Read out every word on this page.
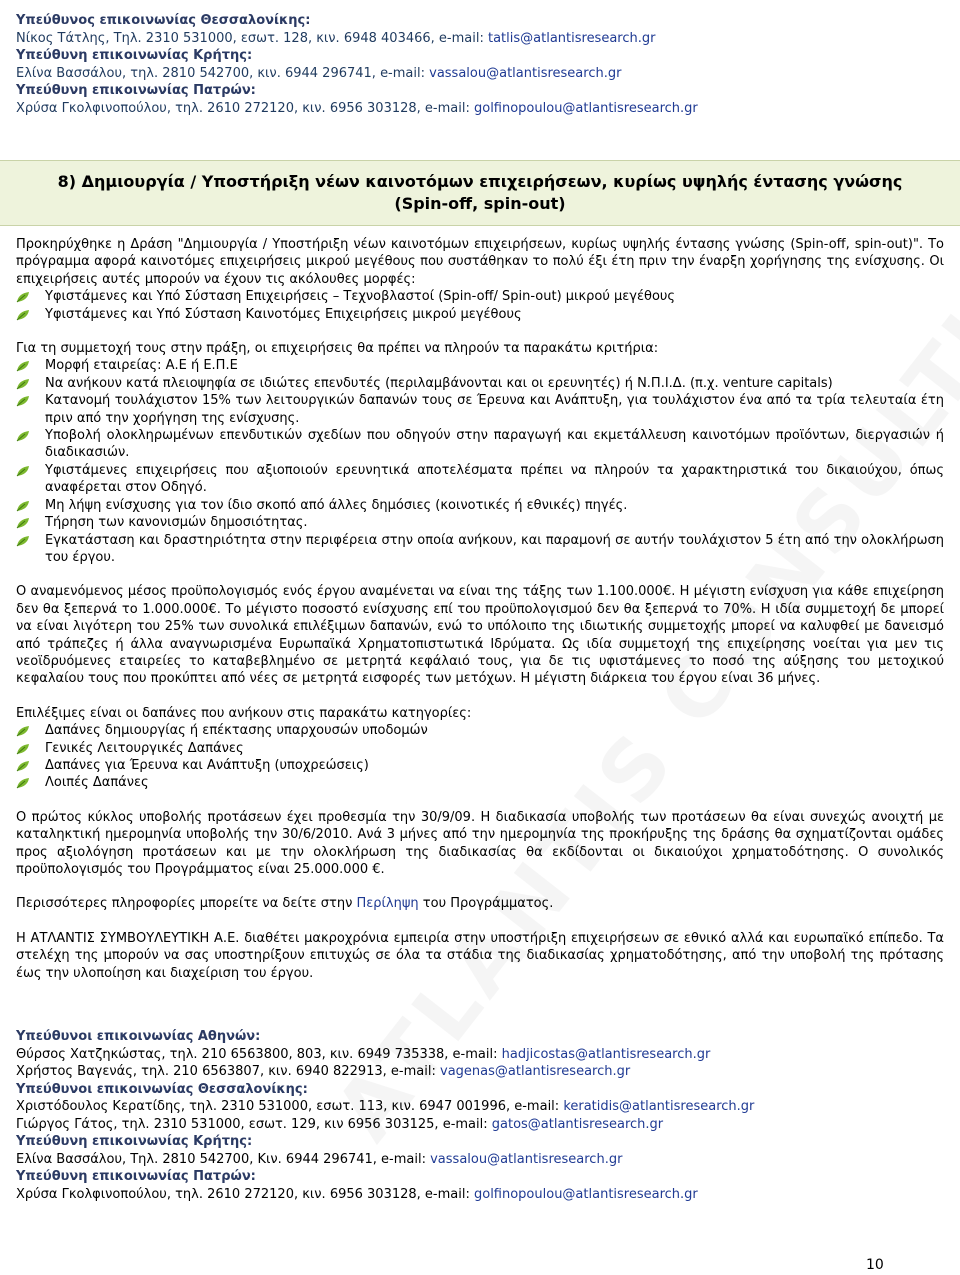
Υπεύθυνος επικοινωνίας Θεσσαλονίκης:
Νίκος Τάτλης, Τηλ. 2310 531000, εσωτ. 128, κιν. 6948 403466, e-mail: tatlis@atlantisresearch.gr
Υπεύθυνη επικοινωνίας Κρήτης:
Ελίνα Βασσάλου, τηλ. 2810 542700, κιν. 6944 296741, e-mail: vassalou@atlantisresearch.gr
Υπεύθυνη επικοινωνίας Πατρών:
Χρύσα Γκολφινοπούλου, τηλ. 2610 272120, κιν. 6956 303128, e-mail: golfinopoulou@atlantisresearch.gr
8) Δημιουργία / Υποστήριξη νέων καινοτόμων επιχειρήσεων, κυρίως υψηλής έντασης γνώσης
(Spin-off, spin-out)

Προκηρύχθηκε η Δράση "Δημιουργία / Υποστήριξη νέων καινοτόμων επιχειρήσεων, κυρίως υψηλής έντασης γνώσης (Spin-off, spin-out)". Το πρόγραμμα αφορά καινοτόμες επιχειρήσεις μικρού μεγέθους που συστάθηκαν το πολύ έξι έτη πριν την έναρξη χορήγησης της ενίσχυσης. Οι επιχειρήσεις αυτές μπορούν να έχουν τις ακόλουθες μορφές:

Υφιστάμενες και Υπό Σύσταση Επιχειρήσεις – Τεχνοβλαστοί (Spin-off/ Spin-out) μικρού μεγέθους

Υφιστάμενες και Υπό Σύσταση Καινοτόμες Επιχειρήσεις μικρού μεγέθους

Για τη συμμετοχή τους στην πράξη, οι επιχειρήσεις θα πρέπει να πληρούν τα παρακάτω κριτήρια:

Μορφή εταιρείας: Α.Ε ή Ε.Π.Ε

Να ανήκουν κατά πλειοψηφία σε ιδιώτες επενδυτές (περιλαμβάνονται και οι ερευνητές) ή Ν.Π.Ι.Δ. (π.χ. venture capitals)

Κατανομή τουλάχιστον 15% των λειτουργικών δαπανών τους σε Έρευνα και Ανάπτυξη, για τουλάχιστον ένα από τα τρία τελευταία έτη πριν από την χορήγηση της ενίσχυσης.

Υποβολή ολοκληρωμένων επενδυτικών σχεδίων που οδηγούν στην παραγωγή και εκμετάλλευση καινοτόμων προϊόντων, διεργασιών ή διαδικασιών.

Υφιστάμενες επιχειρήσεις που αξιοποιούν ερευνητικά αποτελέσματα πρέπει να πληρούν τα χαρακτηριστικά του δικαιούχου, όπως αναφέρεται στον Οδηγό.

Μη λήψη ενίσχυσης για τον ίδιο σκοπό από άλλες δημόσιες (κοινοτικές ή εθνικές) πηγές.

Τήρηση των κανονισμών δημοσιότητας.

Εγκατάσταση και δραστηριότητα στην περιφέρεια στην οποία ανήκουν, και παραμονή σε αυτήν τουλάχιστον 5 έτη από την ολοκλήρωση του έργου.

Ο αναμενόμενος μέσος προϋπολογισμός ενός έργου αναμένεται να είναι της τάξης των 1.100.000€. Η μέγιστη ενίσχυση για κάθε επιχείρηση δεν θα ξεπερνά το 1.000.000€. Το μέγιστο ποσοστό ενίσχυσης επί του προϋπολογισμού δεν θα ξεπερνά το 70%. Η ιδία συμμετοχή δε μπορεί να είναι λιγότερη του 25% των συνολικά επιλέξιμων δαπανών, ενώ το υπόλοιπο της ιδιωτικής συμμετοχής μπορεί να καλυφθεί με δανεισμό από τράπεζες ή άλλα αναγνωρισμένα Ευρωπαϊκά Χρηματοπιστωτικά Ιδρύματα. Ως ιδία συμμετοχή της επιχείρησης νοείται για μεν τις νεοϊδρυόμενες εταιρείες το καταβεβλημένο σε μετρητά κεφάλαιό τους, για δε τις υφιστάμενες το ποσό της αύξησης του μετοχικού κεφαλαίου τους που προκύπτει από νέες σε μετρητά εισφορές των μετόχων. Η μέγιστη διάρκεια του έργου είναι 36 μήνες.

Επιλέξιμες είναι οι δαπάνες που ανήκουν στις παρακάτω κατηγορίες:

Δαπάνες δημιουργίας ή επέκτασης υπαρχουσών υποδομών

Γενικές Λειτουργικές Δαπάνες

Δαπάνες για Έρευνα και Ανάπτυξη (υποχρεώσεις)

Λοιπές Δαπάνες

Ο πρώτος κύκλος υποβολής προτάσεων έχει προθεσμία την 30/9/09. Η διαδικασία υποβολής των προτάσεων θα είναι συνεχώς ανοιχτή με καταληκτική ημερομηνία υποβολής την 30/6/2010. Ανά 3 μήνες από την ημερομηνία της προκήρυξης της δράσης θα σχηματίζονται ομάδες προς αξιολόγηση προτάσεων και με την ολοκλήρωση της διαδικασίας θα εκδίδονται οι δικαιούχοι χρηματοδότησης. Ο συνολικός προϋπολογισμός του Προγράμματος είναι 25.000.000 €.

Περισσότερες πληροφορίες μπορείτε να δείτε στην Περίληψη του Προγράμματος.

Η ΑΤΛΑΝΤΙΣ ΣΥΜΒΟΥΛΕΥΤΙΚΗ Α.Ε. διαθέτει μακροχρόνια εμπειρία στην υποστήριξη επιχειρήσεων σε εθνικό αλλά και ευρωπαϊκό επίπεδο. Τα στελέχη της μπορούν να σας υποστηρίξουν επιτυχώς σε όλα τα στάδια της διαδικασίας χρηματοδότησης, από την υποβολή της πρότασης έως την υλοποίηση και διαχείριση του έργου.

Υπεύθυνοι επικοινωνίας Αθηνών:
Θύρσος Χατζηκώστας, τηλ. 210 6563800, 803, κιν. 6949 735338, e-mail: hadjicostas@atlantisresearch.gr
Χρήστος Βαγενάς, τηλ. 210 6563807, κιν. 6940 822913, e-mail: vagenas@atlantisresearch.gr
Υπεύθυνοι επικοινωνίας Θεσσαλονίκης:
Χριστόδουλος Κερατίδης, τηλ. 2310 531000, εσωτ. 113, κιν. 6947 001996, e-mail: keratidis@atlantisresearch.gr
Γιώργος Γάτος, τηλ. 2310 531000, εσωτ. 129, κιν 6956 303125, e-mail: gatos@atlantisresearch.gr
Υπεύθυνη επικοινωνίας Κρήτης:
Ελίνα Βασσάλου, Τηλ. 2810 542700, Κιν. 6944 296741, e-mail: vassalou@atlantisresearch.gr
Υπεύθυνη επικοινωνίας Πατρών:
Χρύσα Γκολφινοπούλου, τηλ. 2610 272120, κιν. 6956 303128, e-mail: golfinopoulou@atlantisresearch.gr
10
